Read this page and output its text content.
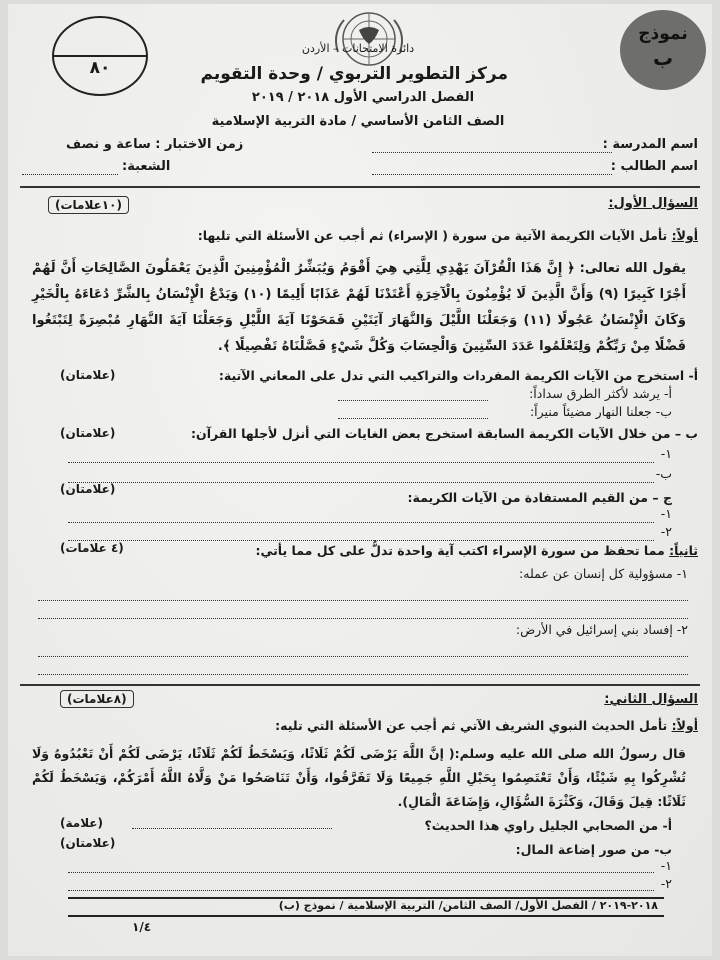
٨٠
نموذج
ب
دائرة الامتحانات – الأردن
مركز التطوير التربوي / وحدة التقويم
الفصل الدراسي الأول ٢٠١٨ / ٢٠١٩
الصف الثامن الأساسي / مادة التربية الإسلامية
اسم المدرسة :
اسم الطالب :
زمن الاختبار : ساعة و نصف
الشعبة:
السؤال الأول:
(١٠علامات)
أولاً: تأمل الآيات الكريمة الآتية من سورة ( الإسراء) ثم أجب عن الأسئلة التي تليها:
يقول الله تعالى: ﴿ إِنَّ هَذَا الْقُرْآنَ يَهْدِي لِلَّتِي هِيَ أَقْوَمُ وَيُبَشِّرُ الْمُؤْمِنِينَ الَّذِينَ يَعْمَلُونَ الصَّالِحَاتِ أَنَّ لَهُمْ أَجْرًا كَبِيرًا (٩) وَأَنَّ الَّذِينَ لَا يُؤْمِنُونَ بِالْآخِرَةِ أَعْتَدْنَا لَهُمْ عَذَابًا أَلِيمًا (١٠) وَيَدْعُ الْإِنْسَانُ بِالشَّرِّ دُعَاءَهُ بِالْخَيْرِ وَكَانَ الْإِنْسَانُ عَجُولًا (١١) وَجَعَلْنَا اللَّيْلَ وَالنَّهَارَ آيَتَيْنِ فَمَحَوْنَا آيَةَ اللَّيْلِ وَجَعَلْنَا آيَةَ النَّهَارِ مُبْصِرَةً لِتَبْتَغُوا فَضْلًا مِنْ رَبِّكُمْ وَلِتَعْلَمُوا عَدَدَ السِّنِينَ وَالْحِسَابَ وَكُلَّ شَيْءٍ فَصَّلْنَاهُ تَفْصِيلًا ﴾.
أ- استخرج من الآيات الكريمة المفردات والتراكيب التي تدل على المعاني الآتية:
(علامتان)
أ- يرشد لأكثر الطرق سداداً:
ب- جعلنا النهار مضيئاً منيراً:
ب – من خلال الآيات الكريمة السابقة استخرج بعض الغايات التي أنزل لأجلها القرآن:
(علامتان)
١-
ب-
ج – من القيم المستفادة من الآيات الكريمة:
(علامتان)
١-
٢-
ثانياً: مما تحفظ من سورة الإسراء اكتب آية واحدة تدلُّ على كل مما يأتي:
(٤ علامات)
١- مسؤولية كل إنسان عن عمله:
٢- إفساد بني إسرائيل في الأرض:
السؤال الثاني:
(٨علامات)
أولاً: تأمل الحديث النبوي الشريف الآتي ثم أجب عن الأسئلة التي تليه:
قال رسولُ الله صلى الله عليه وسلم:( إنَّ اللَّهَ يَرْضَى لَكُمْ ثَلَاثًا، وَيَسْخَطُ لَكُمْ ثَلَاثًا، يَرْضَى لَكُمْ أَنْ تَعْبُدُوهُ وَلَا تُشْرِكُوا بِهِ شَيْئًا، وَأَنْ تَعْتَصِمُوا بِحَبْلِ اللَّهِ جَمِيعًا وَلَا تَفَرَّقُوا، وَأَنْ تَنَاصَحُوا مَنْ وَلَّاهُ اللَّهُ أَمْرَكُمْ، وَيَسْخَطُ لَكُمْ ثَلَاثًا: قِيلَ وَقَالَ، وَكَثْرَةَ السُّؤَالِ، وَإِضَاعَةَ الْمَالِ).
أ- من الصحابي الجليل راوي هذا الحديث؟
(علامة)
ب- من صور إضاعة المال:
(علامتان)
١-
٢-
٢٠١٨-٢٠١٩ / الفصل الأول/ الصف الثامن/ التربية الإسلامية / نموذج (ب)
١/٤
